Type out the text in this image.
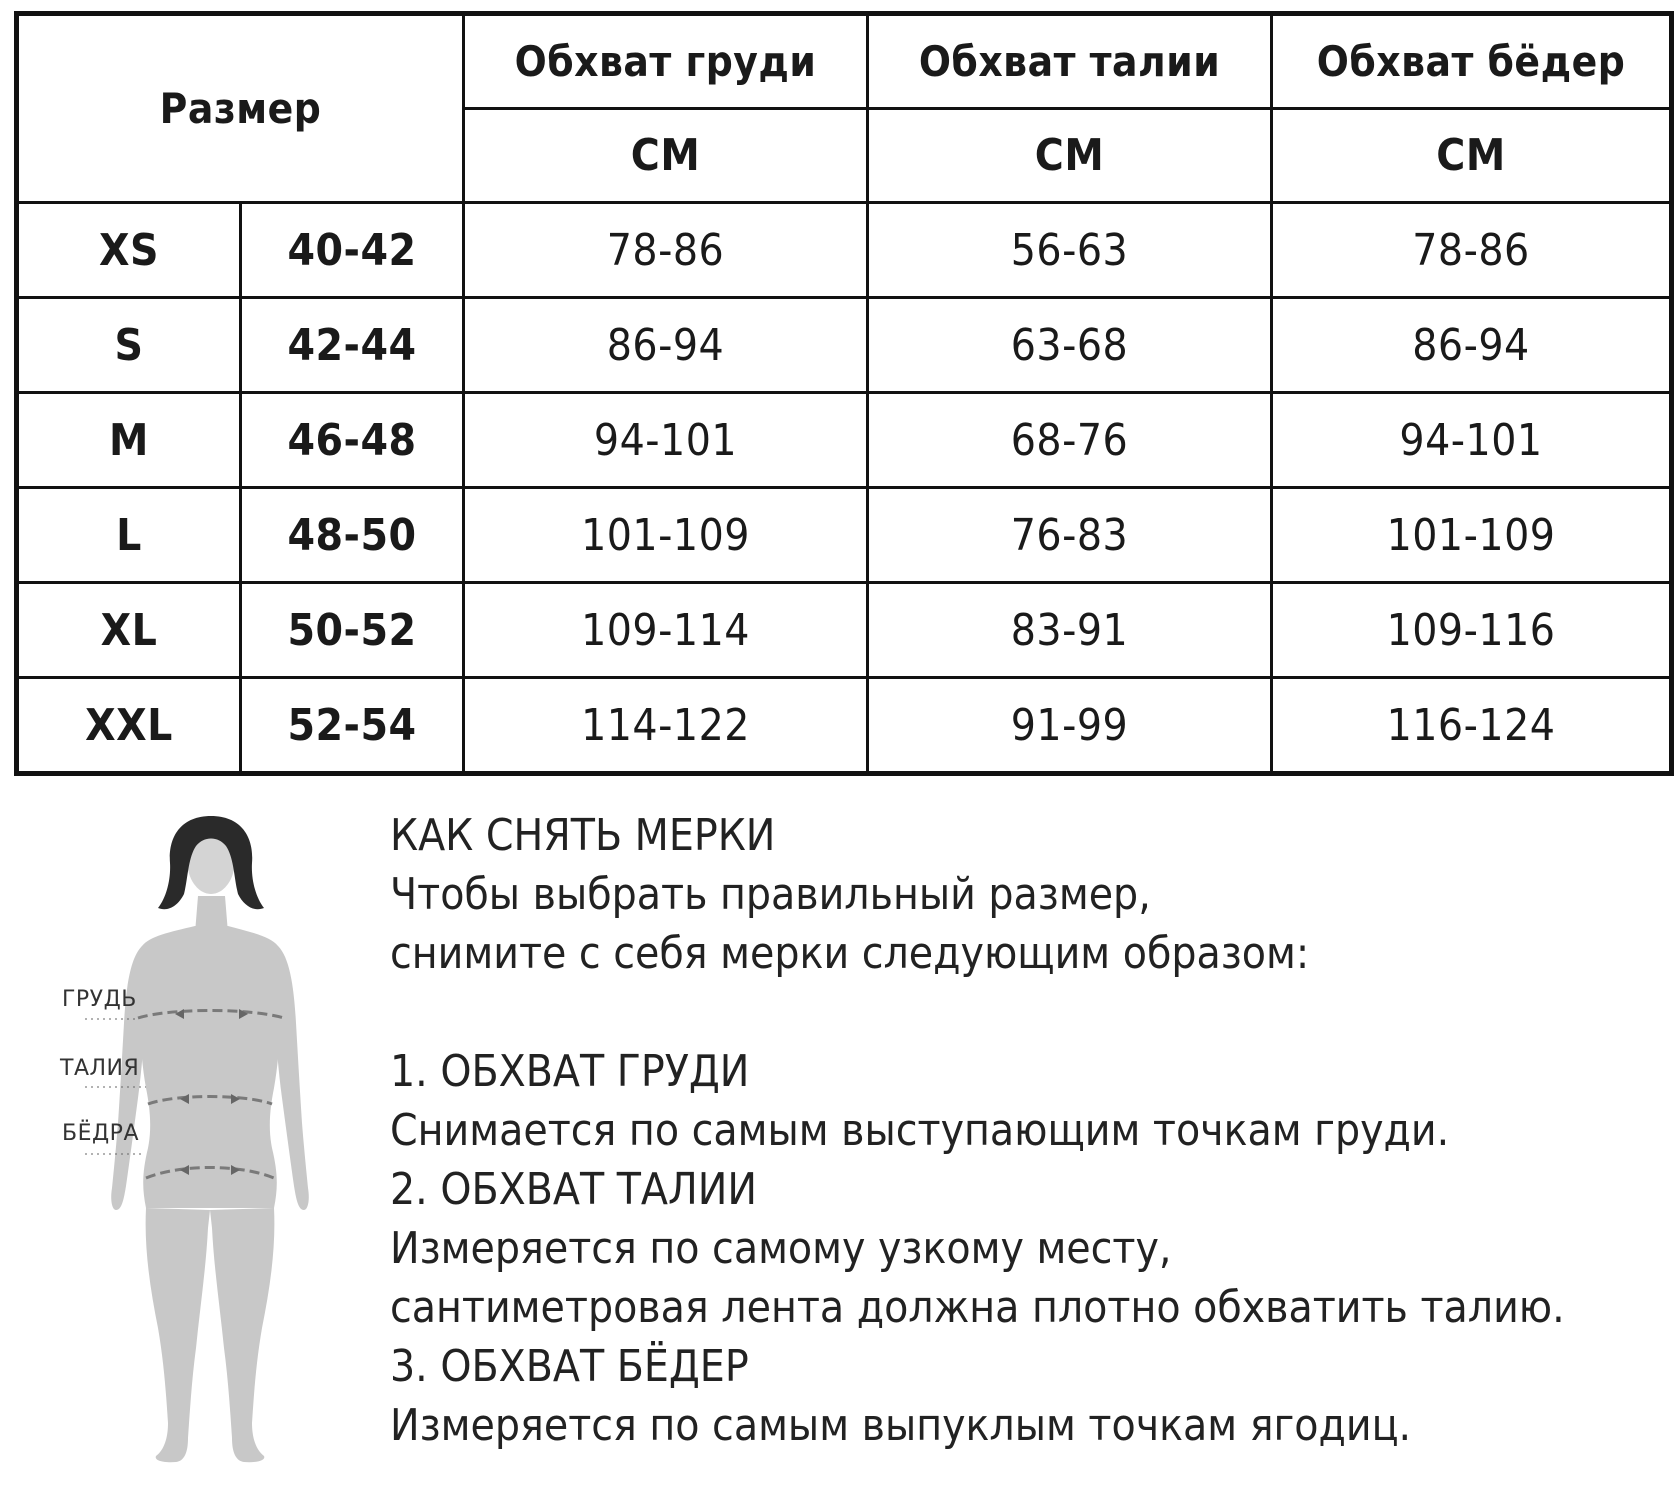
Размер		Обхват груди	Обхват талии	Обхват бёдер
		СМ	СМ	СМ
XS	40-42	78-86	56-63	78-86
S	42-44	86-94	63-68	86-94
M	46-48	94-101	68-76	94-101
L	48-50	101-109	76-83	101-109
XL	50-52	109-114	83-91	109-116
XXL	52-54	114-122	91-99	116-124
ГРУДЬ
ТАЛИЯ
БЁДРА

КАК СНЯТЬ МЕРКИ

Чтобы выбрать правильный размер,

снимите с себя мерки следующим образом:

1. ОБХВАТ ГРУДИ

Снимается по самым выступающим точкам груди.

2. ОБХВАТ ТАЛИИ

Измеряется по самому узкому месту,

сантиметровая лента должна плотно обхватить талию.

3. ОБХВАТ БЁДЕР

Измеряется по самым выпуклым точкам ягодиц.
